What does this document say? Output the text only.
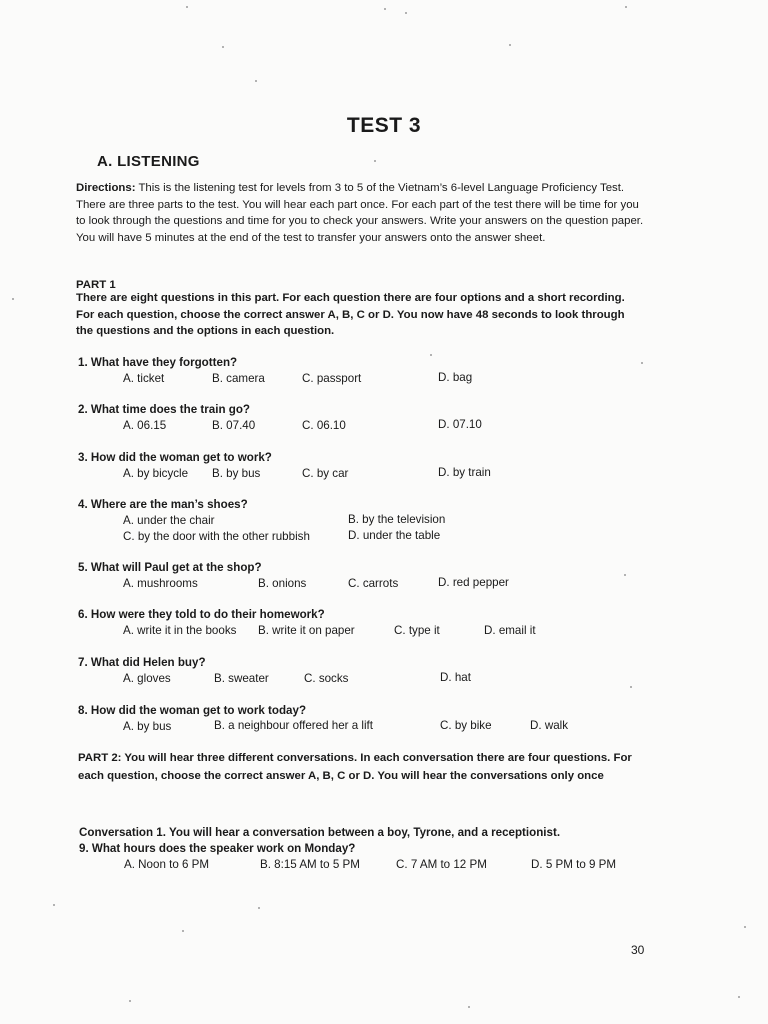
TEST 3
A. LISTENING
Directions: This is the listening test for levels from 3 to 5 of the Vietnam’s 6-level Language Proficiency Test. There are three parts to the test. You will hear each part once. For each part of the test there will be time for you to look through the questions and time for you to check your answers. Write your answers on the question paper. You will have 5 minutes at the end of the test to transfer your answers onto the answer sheet.
PART 1
There are eight questions in this part. For each question there are four options and a short recording. For each question, choose the correct answer A, B, C or D. You now have 48 seconds to look through the questions and the options in each question.
1. What have they forgotten?
A. ticket	B. camera	C. passport	D. bag
2. What time does the train go?
A. 06.15	B. 07.40	C. 06.10	D. 07.10
3. How did the woman get to work?
A. by bicycle B. by bus	C. by car	D. by train
4. Where are the man’s shoes?
A. under the chair	B. by the television
C. by the door with the other rubbish	D. under the table
5. What will Paul get at the shop?
A. mushrooms	B. onions	C. carrots	D. red pepper
6. How were they told to do their homework?
A. write it in the books B. write it on paper	C. type it	D. email it
7. What did Helen buy?
A. gloves	B. sweater	C. socks	D. hat
8. How did the woman get to work today?
A. by bus	B. a neighbour offered her a lift	C. by bike	D. walk
PART 2: You will hear three different conversations. In each conversation there are four questions. For each question, choose the correct answer A, B, C or D. You will hear the conversations only once
Conversation 1. You will hear a conversation between a boy, Tyrone, and a receptionist.
9. What hours does the speaker work on Monday?
A. Noon to 6 PM	B. 8:15 AM to 5 PM	C. 7 AM to 12 PM	D. 5 PM to 9 PM
30
